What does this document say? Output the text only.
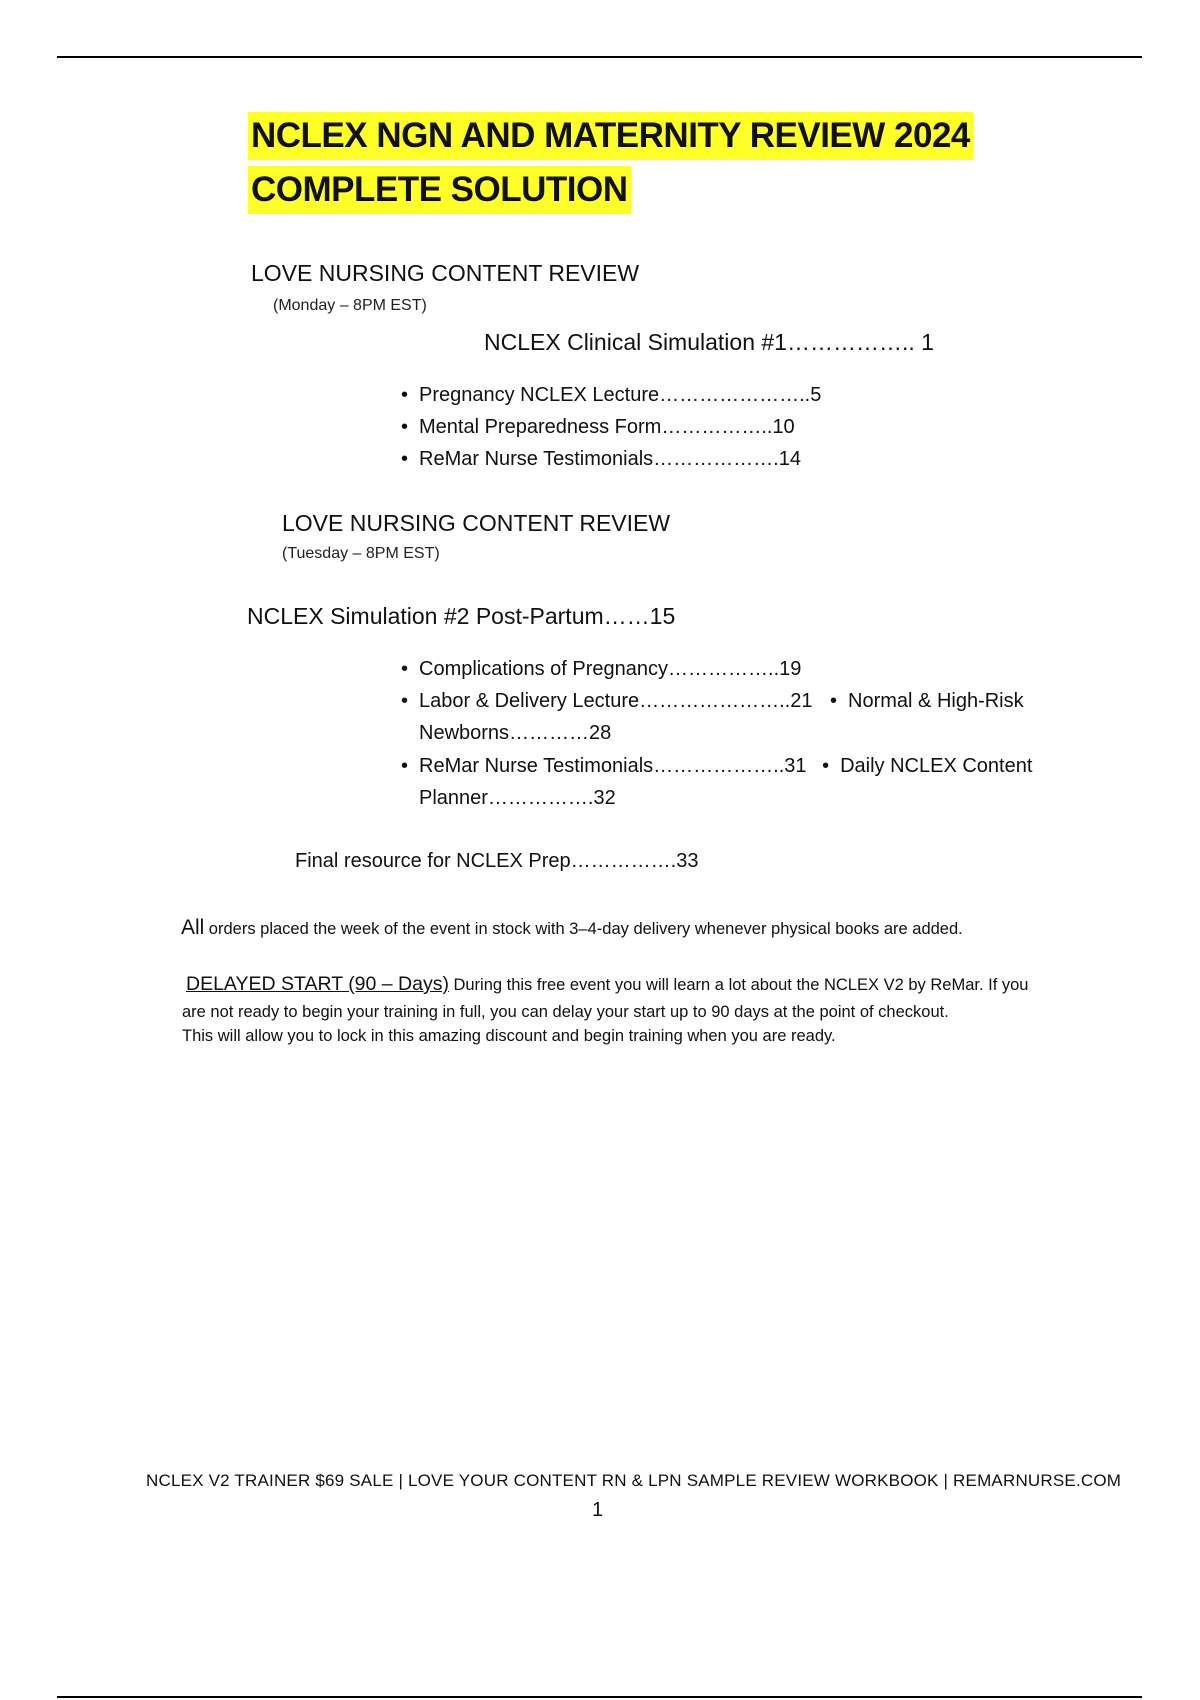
NCLEX NGN AND MATERNITY REVIEW 2024
COMPLETE SOLUTION
LOVE NURSING CONTENT REVIEW
(Monday – 8PM EST)
NCLEX Clinical Simulation #1…………….. 1
• Pregnancy NCLEX Lecture…………………..5
• Mental Preparedness Form……………..10
• ReMar Nurse Testimonials……………….14
LOVE NURSING CONTENT REVIEW
(Tuesday – 8PM EST)
NCLEX Simulation #2 Post-Partum……15
• Complications of Pregnancy……………..19
• Labor & Delivery Lecture…………………..21 • Normal & High-Risk
Newborns…………28
• ReMar Nurse Testimonials………………..31 • Daily NCLEX Content
Planner…………….32
Final resource for NCLEX Prep…………….33
All orders placed the week of the event in stock with 3–4-day delivery whenever physical books are added.
DELAYED START (90 – Days) During this free event you will learn a lot about the NCLEX V2 by ReMar. If you
are not ready to begin your training in full, you can delay your start up to 90 days at the point of checkout.
This will allow you to lock in this amazing discount and begin training when you are ready.
NCLEX V2 TRAINER $69 SALE | LOVE YOUR CONTENT RN & LPN SAMPLE REVIEW WORKBOOK | REMARNURSE.COM
1
